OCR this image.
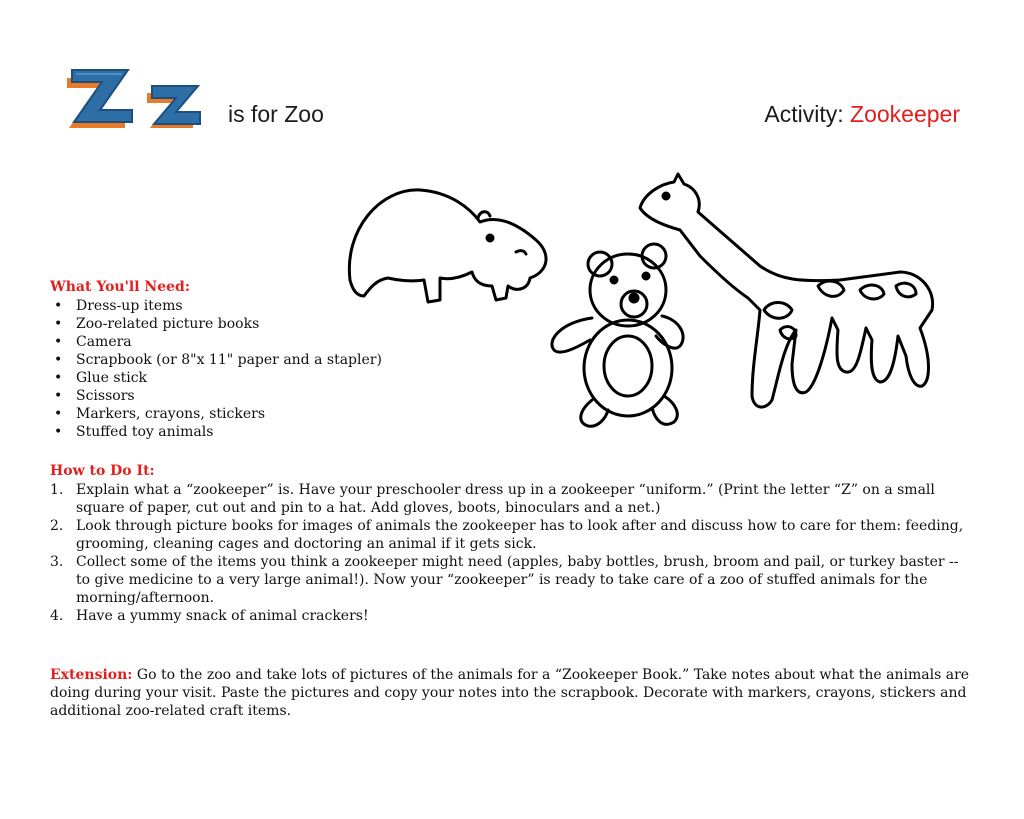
is for Zoo	Activity: Zookeeper
What You'll Need:
• Dress-up items
• Zoo-related picture books
• Camera
• Scrapbook (or 8"x 11" paper and a stapler)
• Glue stick
• Scissors
• Markers, crayons, stickers
• Stuffed toy animals
How to Do It:
1. Explain what a “zookeeper” is. Have your preschooler dress up in a zookeeper “uniform.” (Print the letter “Z” on a small square of paper, cut out and pin to a hat. Add gloves, boots, binoculars and a net.)
2. Look through picture books for images of animals the zookeeper has to look after and discuss how to care for them: feeding, grooming, cleaning cages and doctoring an animal if it gets sick.
3. Collect some of the items you think a zookeeper might need (apples, baby bottles, brush, broom and pail, or turkey baster -- to give medicine to a very large animal!). Now your “zookeeper” is ready to take care of a zoo of stuffed animals for the morning/afternoon.
4. Have a yummy snack of animal crackers!
Extension: Go to the zoo and take lots of pictures of the animals for a “Zookeeper Book.” Take notes about what the animals are doing during your visit. Paste the pictures and copy your notes into the scrapbook. Decorate with markers, crayons, stickers and additional zoo-related craft items.
